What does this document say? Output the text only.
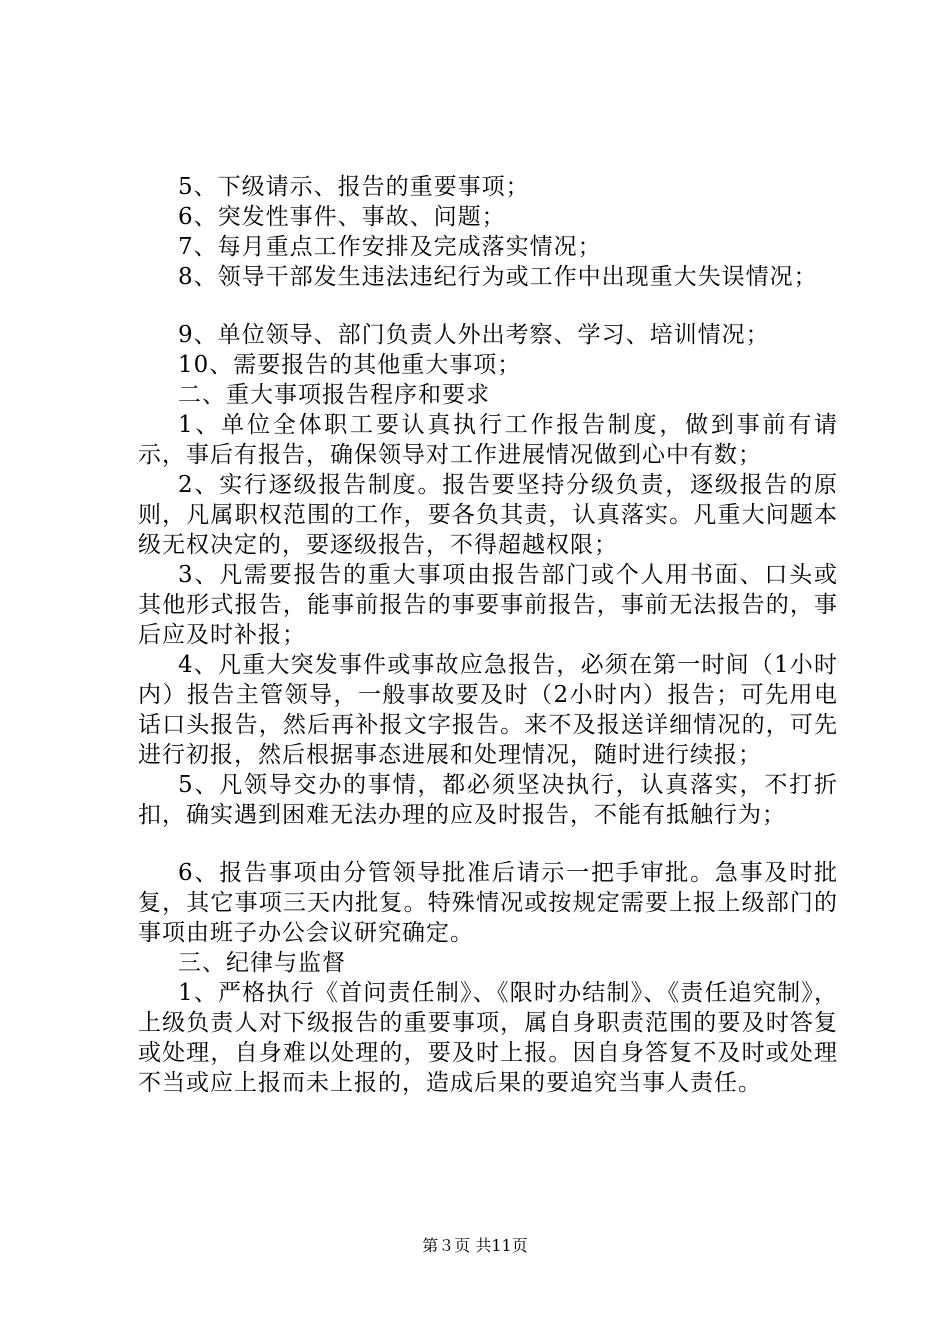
5、下级请示、报告的重要事项；

6、突发性事件、事故、问题；

7、每月重点工作安排及完成落实情况；

8、领导干部发生违法违纪行为或工作中出现重大失误情况；

9、单位领导、部门负责人外出考察、学习、培训情况；

10、需要报告的其他重大事项；

二、重大事项报告程序和要求

1、单位全体职工要认真执行工作报告制度，做到事前有请示，事后有报告，确保领导对工作进展情况做到心中有数；

2、实行逐级报告制度。报告要坚持分级负责，逐级报告的原则，凡属职权范围的工作，要各负其责，认真落实。凡重大问题本级无权决定的，要逐级报告，不得超越权限；

3、凡需要报告的重大事项由报告部门或个人用书面、口头或其他形式报告，能事前报告的事要事前报告，事前无法报告的，事后应及时补报；

4、凡重大突发事件或事故应急报告，必须在第一时间（1小时内）报告主管领导，一般事故要及时（2小时内）报告；可先用电话口头报告，然后再补报文字报告。来不及报送详细情况的，可先进行初报，然后根据事态进展和处理情况，随时进行续报；

5、凡领导交办的事情，都必须坚决执行，认真落实，不打折扣，确实遇到困难无法办理的应及时报告，不能有抵触行为；

6、报告事项由分管领导批准后请示一把手审批。急事及时批复，其它事项三天内批复。特殊情况或按规定需要上报上级部门的事项由班子办公会议研究确定。

三、纪律与监督

1、严格执行《首问责任制》、《限时办结制》、《责任追究制》，上级负责人对下级报告的重要事项，属自身职责范围的要及时答复或处理，自身难以处理的，要及时上报。因自身答复不及时或处理不当或应上报而未上报的，造成后果的要追究当事人责任。

第３页 共11页
